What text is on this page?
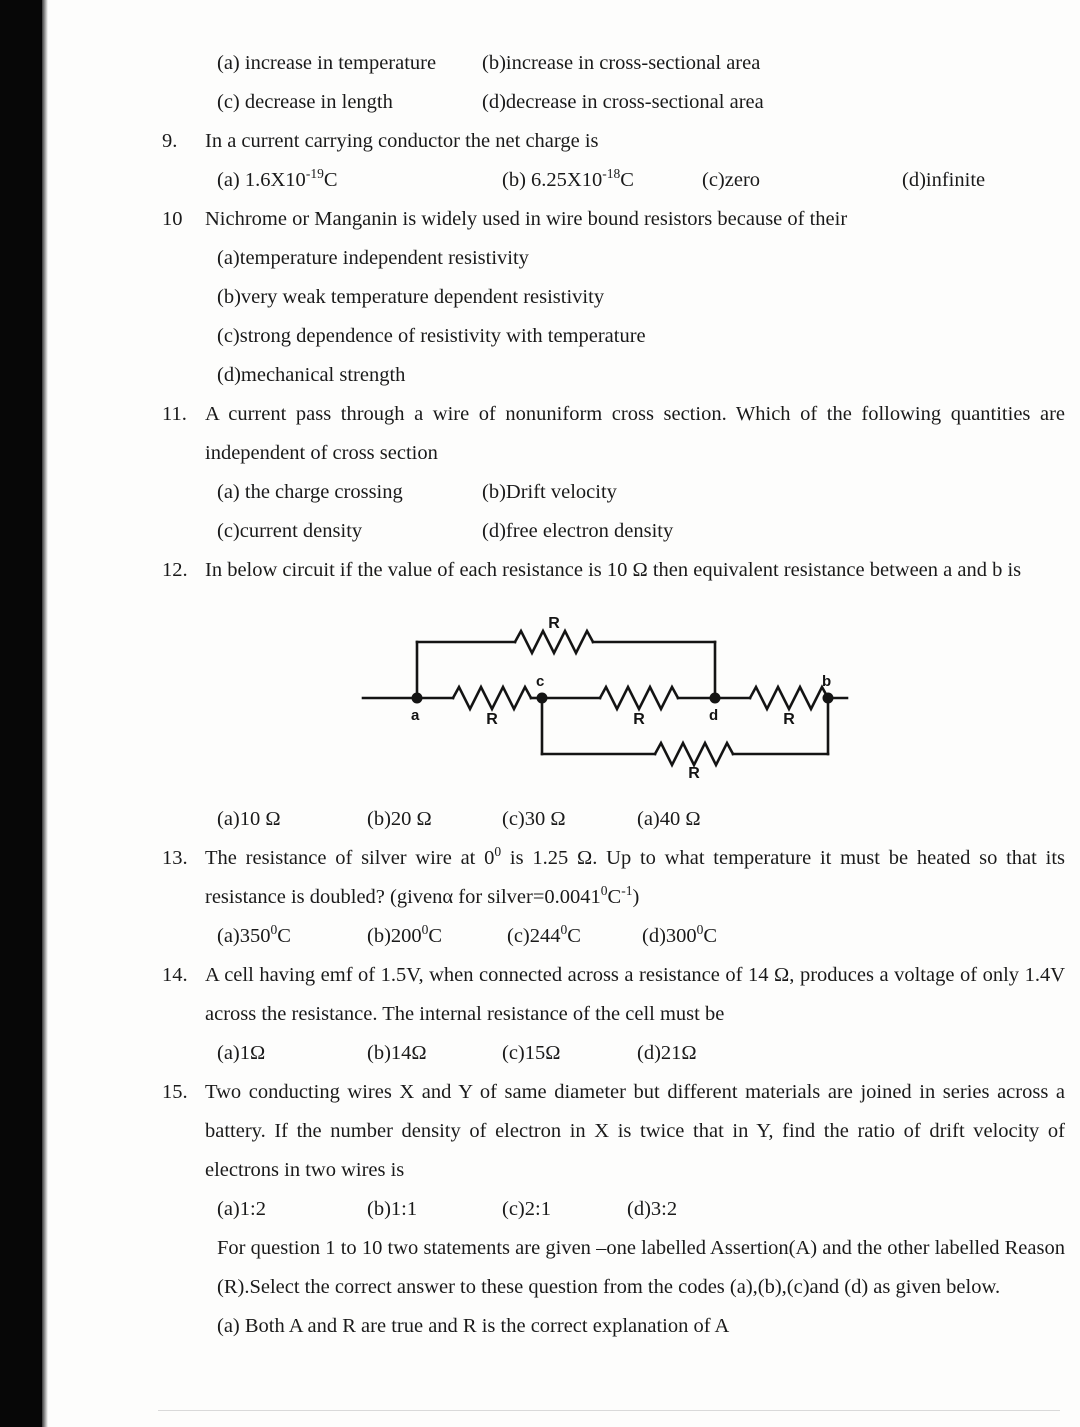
(a) increase in temperature	(b)increase in cross-sectional area
(c) decrease in length	(d)decrease in cross-sectional area
9.	In a current carrying conductor the net charge is
(a) $1.6X10^{-19}C$	(b) $6.25X10^{-18}C$	(c)zero	(d)infinite
10	Nichrome or Manganin is widely used in wire bound resistors because of their
(a)temperature independent resistivity
(b)very weak temperature dependent resistivity
(c)strong dependence of resistivity with temperature
(d)mechanical strength
11. A current pass through a wire of nonuniform cross section. Which of the following quantities are independent of cross section
(a) the charge crossing	(b)Drift velocity
(c)current density	(d)free electron density
12. In below circuit if the value of each resistance is 10 Ω then equivalent resistance between a and b is
a
c
d
b
R
R	R	R
R
(a)10 Ω	(b)20 Ω	(c)30 Ω	(a)40 Ω
13. The resistance of silver wire at $0^0$ is 1.25 Ω. Up to what temperature it must be heated so that its resistance is doubled? (givenα for $silver=0.0041^0C^{-1}$)
$(a)350^0C$	$(b)200^0C$	$(c)244^0C$	$(d)300^0C$
14. A cell having emf of 1.5V, when connected across a resistance of 14 Ω, produces a voltage of only 1.4V across the resistance. The internal resistance of the cell must be
(a)1Ω	(b)14Ω	(c)15Ω	(d)21Ω
15. Two conducting wires X and Y of same diameter but different materials are joined in series across a battery. If the number density of electron in X is twice that in Y, find the ratio of drift velocity of electrons in two wires is
(a)1:2	(b)1:1	(c)2:1	(d)3:2
For question 1 to 10 two statements are given –one labelled Assertion(A) and the other labelled Reason (R).Select the correct answer to these question from the codes (a),(b),(c)and (d) as given below.
(a) Both A and R are true and R is the correct explanation of A
